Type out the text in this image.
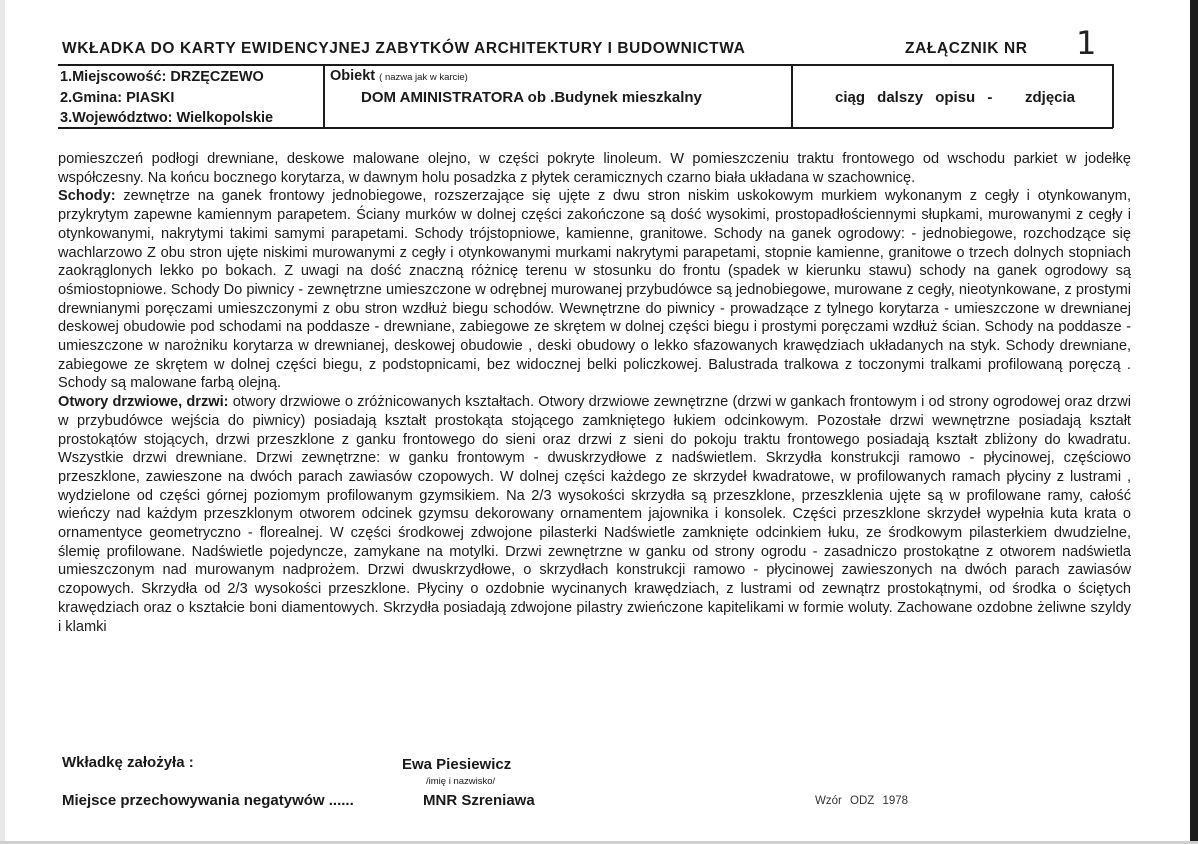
WKŁADKA DO KARTY EWIDENCYJNEJ ZABYTKÓW ARCHITEKTURY I BUDOWNICTWA	ZAŁĄCZNIK NR 1
1.Miejscowość: DRZĘCZEWO
2.Gmina: PIASKI
3.Województwo: Wielkopolskie
Obiekt ( nazwa jak w karcie)
DOM AMINISTRATORA ob .Budynek mieszkalny	ciąg dalszy opisu - zdjęcia

pomieszczeń podłogi drewniane, deskowe malowane olejno, w części pokryte linoleum. W pomieszczeniu traktu frontowego od wschodu parkiet w jodełkę współczesny. Na końcu bocznego korytarza, w dawnym holu posadzka z płytek ceramicznych czarno biała układana w szachownicę.

Schody: zewnętrze na ganek frontowy jednobiegowe, rozszerzające się ujęte z dwu stron niskim uskokowym murkiem wykonanym z cegły i otynkowanym, przykrytym zapewne kamiennym parapetem. Ściany murków w dolnej części zakończone są dość wysokimi, prostopadłościennymi słupkami, murowanymi z cegły i otynkowanymi, nakrytymi takimi samymi parapetami. Schody trójstopniowe, kamienne, granitowe. Schody na ganek ogrodowy: - jednobiegowe, rozchodzące się wachlarzowo Z obu stron ujęte niskimi murowanymi z cegły i otynkowanymi murkami nakrytymi parapetami, stopnie kamienne, granitowe o trzech dolnych stopniach zaokrąglonych lekko po bokach. Z uwagi na dość znaczną różnicę terenu w stosunku do frontu (spadek w kierunku stawu) schody na ganek ogrodowy są ośmiostopniowe. Schody Do piwnicy - zewnętrzne umieszczone w odrębnej murowanej przybudówce są jednobiegowe, murowane z cegły, nieotynkowane, z prostymi drewnianymi poręczami umieszczonymi z obu stron wzdłuż biegu schodów. Wewnętrzne do piwnicy - prowadzące z tylnego korytarza - umieszczone w drewnianej deskowej obudowie pod schodami na poddasze - drewniane, zabiegowe ze skrętem w dolnej części biegu i prostymi poręczami wzdłuż ścian. Schody na poddasze - umieszczone w narożniku korytarza w drewnianej, deskowej obudowie , deski obudowy o lekko sfazowanych krawędziach układanych na styk. Schody drewniane, zabiegowe ze skrętem w dolnej części biegu, z podstopnicami, bez widocznej belki policzkowej. Balustrada tralkowa z toczonymi tralkami profilowaną poręczą . Schody są malowane farbą olejną.

Otwory drzwiowe, drzwi: otwory drzwiowe o zróżnicowanych kształtach. Otwory drzwiowe zewnętrzne (drzwi w gankach frontowym i od strony ogrodowej oraz drzwi w przybudówce wejścia do piwnicy) posiadają kształt prostokąta stojącego zamkniętego łukiem odcinkowym. Pozostałe drzwi wewnętrzne posiadają kształt prostokątów stojących, drzwi przeszklone z ganku frontowego do sieni oraz drzwi z sieni do pokoju traktu frontowego posiadają kształt zbliżony do kwadratu. Wszystkie drzwi drewniane. Drzwi zewnętrzne: w ganku frontowym - dwuskrzydłowe z nadświetlem. Skrzydła konstrukcji ramowo - płycinowej, częściowo przeszklone, zawieszone na dwóch parach zawiasów czopowych. W dolnej części każdego ze skrzydeł kwadratowe, w profilowanych ramach płyciny z lustrami , wydzielone od części górnej poziomym profilowanym gzymsikiem. Na 2/3 wysokości skrzydła są przeszklone, przeszklenia ujęte są w profilowane ramy, całość wieńczy nad każdym przeszklonym otworem odcinek gzymsu dekorowany ornamentem jajownika i konsolek. Części przeszklone skrzydeł wypełnia kuta krata o ornamentyce geometryczno - florealnej. W części środkowej zdwojone pilasterki Nadświetle zamknięte odcinkiem łuku, ze środkowym pilasterkiem dwudzielne, ślemię profilowane. Nadświetle pojedyncze, zamykane na motylki. Drzwi zewnętrzne w ganku od strony ogrodu - zasadniczo prostokątne z otworem nadświetla umieszczonym nad murowanym nadprożem. Drzwi dwuskrzydłowe, o skrzydłach konstrukcji ramowo - płycinowej zawieszonych na dwóch parach zawiasów czopowych. Skrzydła od 2/3 wysokości przeszklone. Płyciny o ozdobnie wycinanych krawędziach, z lustrami od zewnątrz prostokątnymi, od środka o ściętych krawędziach oraz o kształcie boni diamentowych. Skrzydła posiadają zdwojone pilastry zwieńczone kapitelikami w formie woluty. Zachowane ozdobne żeliwne szyldy i klamki

Wkładkę założyła :	Ewa Piesiewicz
/imię i nazwisko/
Miejsce przechowywania negatywów ......	MNR Szreniawa	Wzór ODZ 1978
